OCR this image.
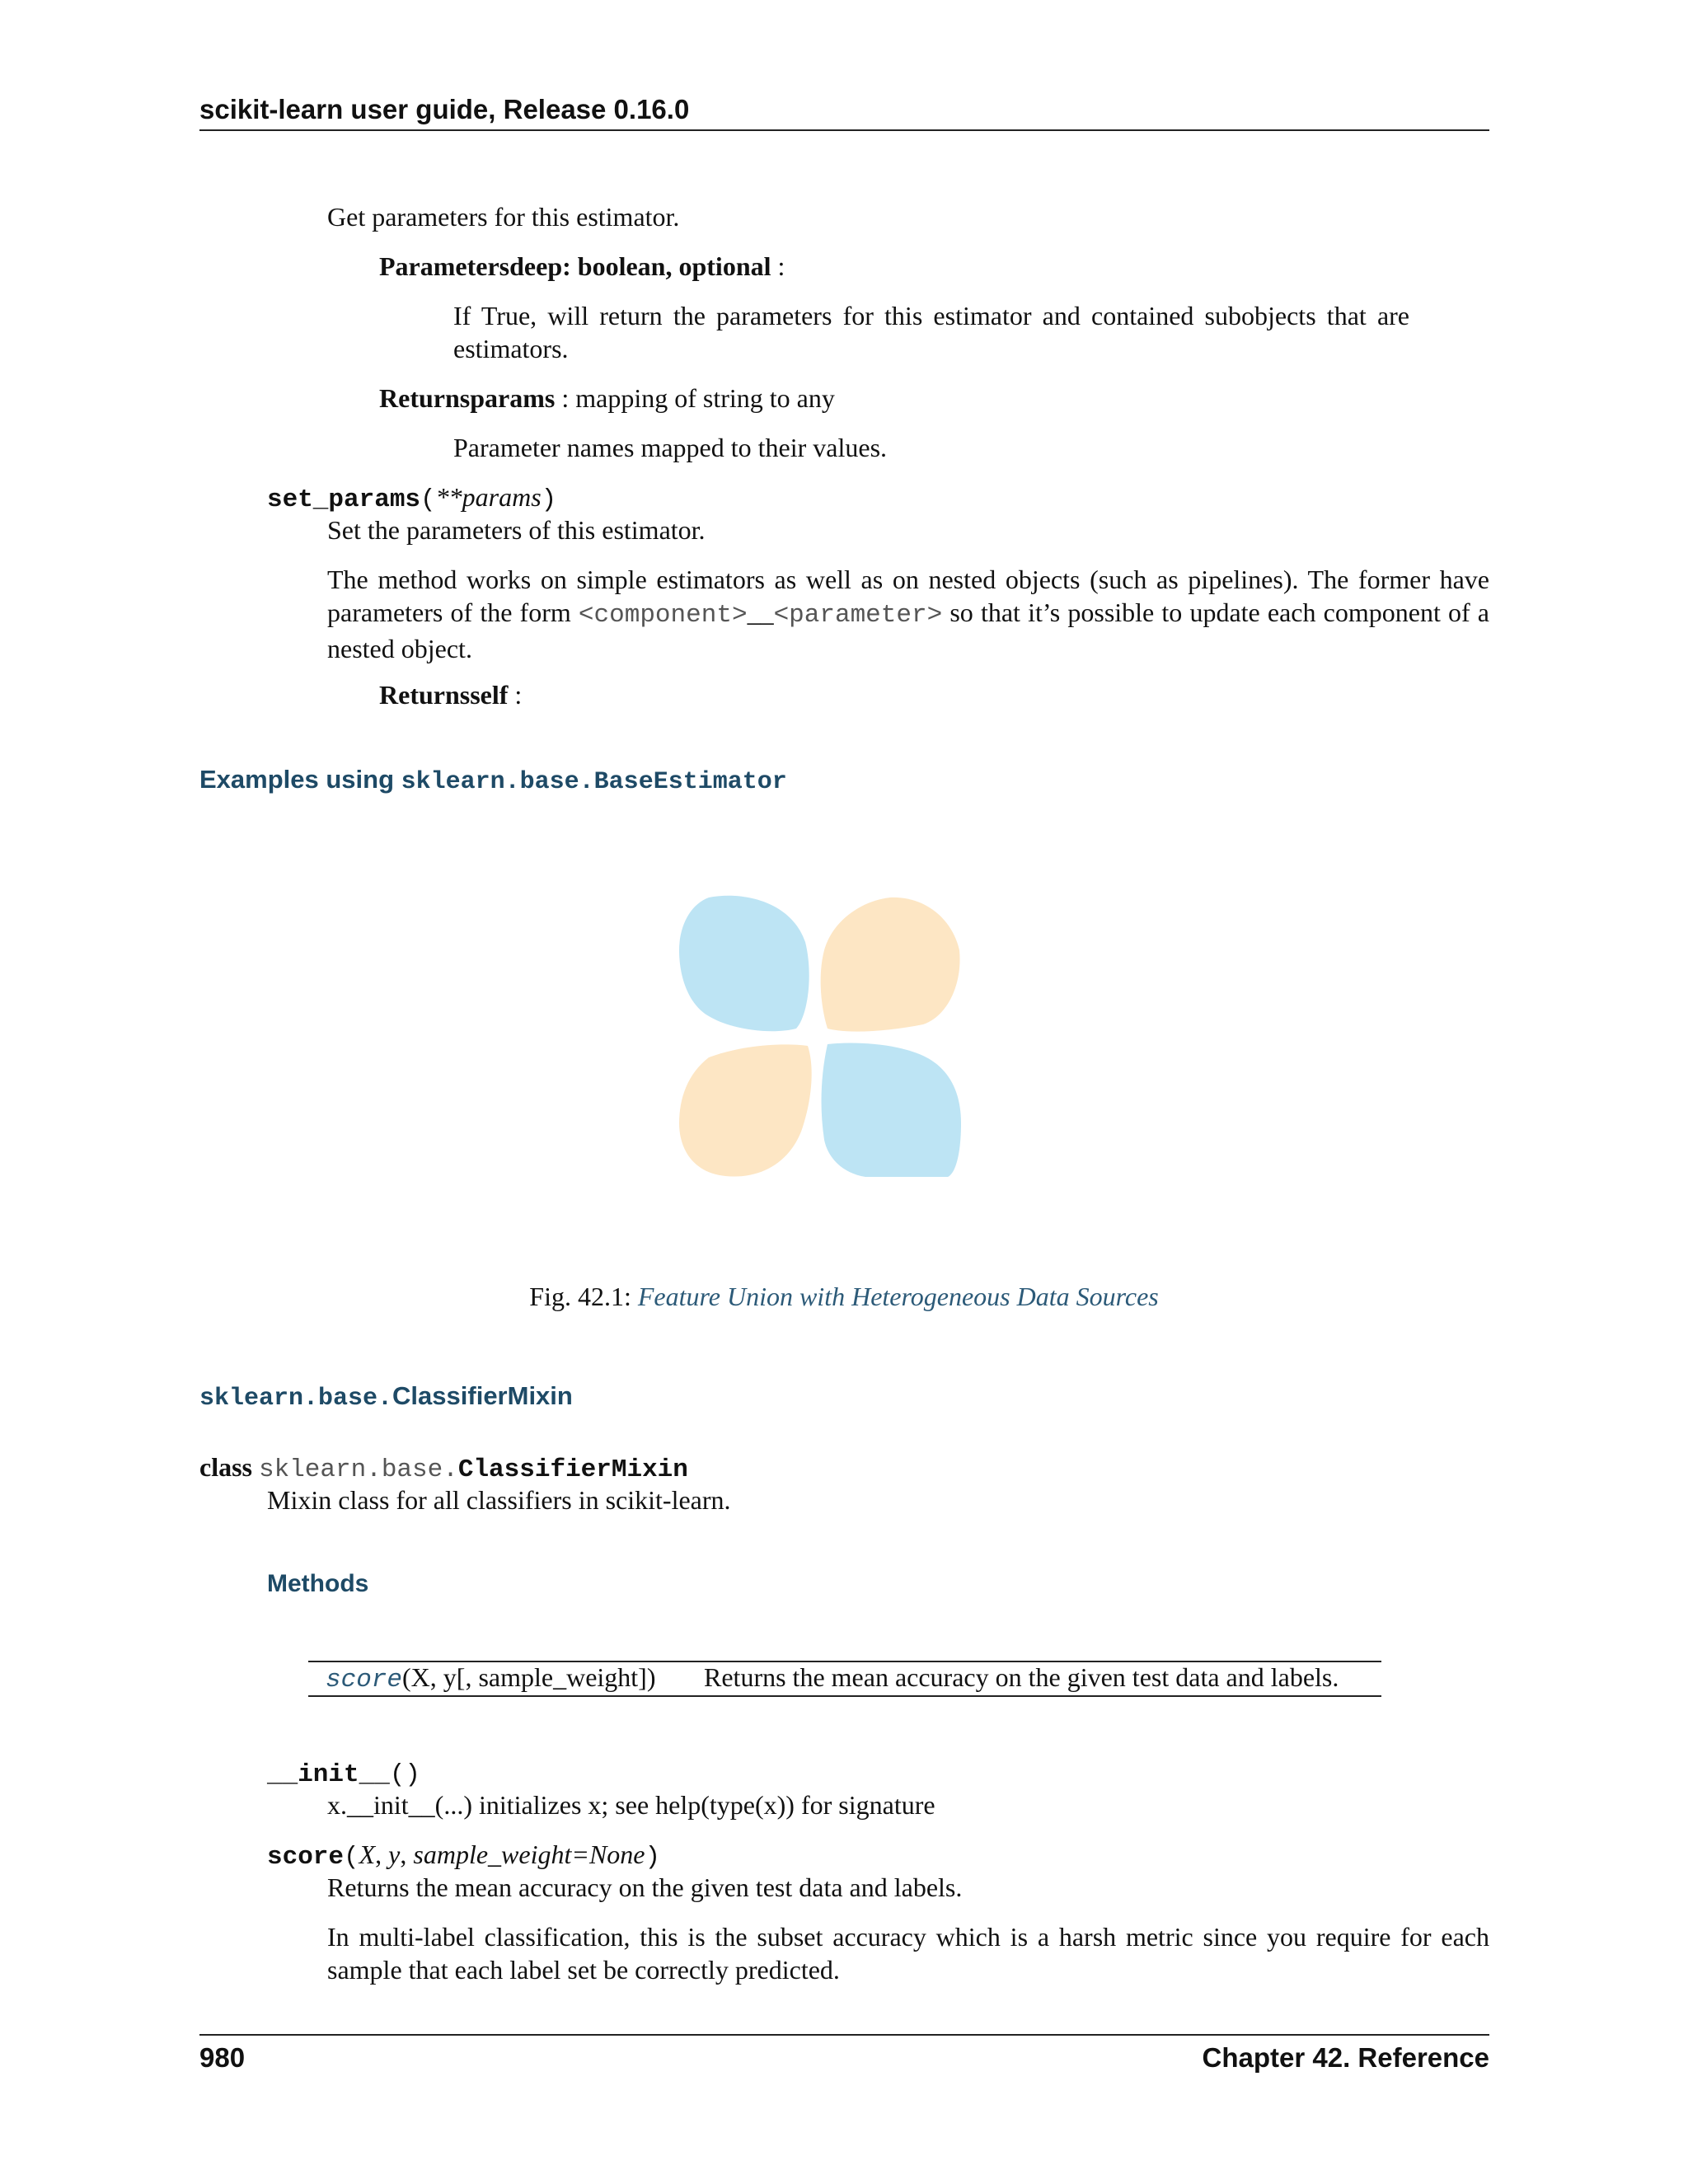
scikit-learn user guide, Release 0.16.0
Get parameters for this estimator.
Parametersdeep: boolean, optional :
If True, will return the parameters for this estimator and contained subobjects that are estimators.
Returnsparams : mapping of string to any
Parameter names mapped to their values.
set_params(**params)
Set the parameters of this estimator.
The method works on simple estimators as well as on nested objects (such as pipelines). The former have parameters of the form <component>__<parameter> so that it’s possible to update each component of a nested object.
Returnsself :
Examples using sklearn.base.BaseEstimator
Fig. 42.1: Feature Union with Heterogeneous Data Sources
sklearn.base.ClassifierMixin
class sklearn.base.ClassifierMixin
Mixin class for all classifiers in scikit-learn.
Methods
score(X, y[, sample_weight]) Returns the mean accuracy on the given test data and labels.
__init__()
x.__init__(...) initializes x; see help(type(x)) for signature
score(X, y, sample_weight=None)
Returns the mean accuracy on the given test data and labels.
In multi-label classification, this is the subset accuracy which is a harsh metric since you require for each sample that each label set be correctly predicted.
980	Chapter 42. Reference
